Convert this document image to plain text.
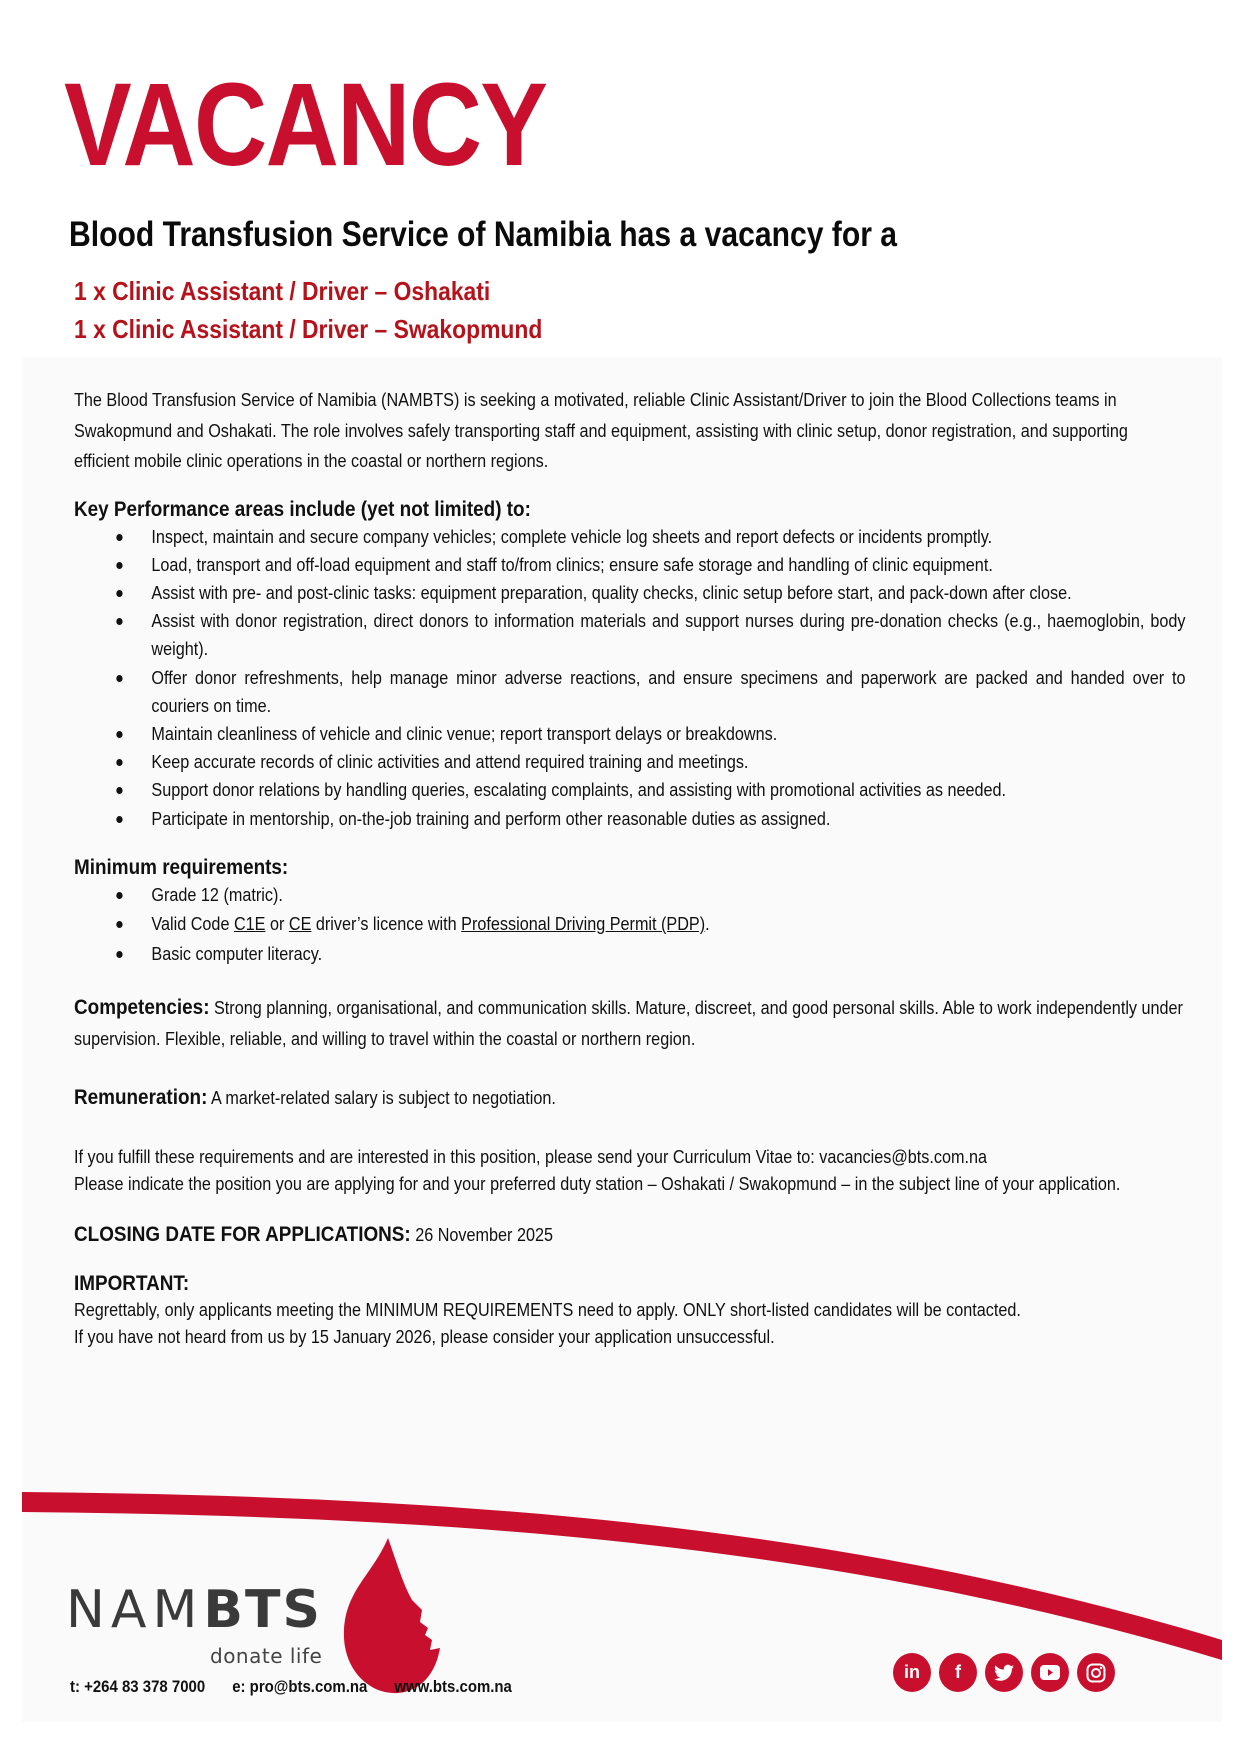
VACANCY
Blood Transfusion Service of Namibia has a vacancy for a
1 x Clinic Assistant / Driver – Oshakati
1 x Clinic Assistant / Driver – Swakopmund

The Blood Transfusion Service of Namibia (NAMBTS) is seeking a motivated, reliable Clinic Assistant/Driver to join the Blood Collections teams in Swakopmund and Oshakati. The role involves safely transporting staff and equipment, assisting with clinic setup, donor registration, and supporting efficient mobile clinic operations in the coastal or northern regions.

Key Performance areas include (yet not limited) to:
Inspect, maintain and secure company vehicles; complete vehicle log sheets and report defects or incidents promptly.
Load, transport and off-load equipment and staff to/from clinics; ensure safe storage and handling of clinic equipment.
Assist with pre- and post-clinic tasks: equipment preparation, quality checks, clinic setup before start, and pack-down after close.
Assist with donor registration, direct donors to information materials and support nurses during pre-donation checks (e.g., haemoglobin, body weight).
Offer donor refreshments, help manage minor adverse reactions, and ensure specimens and paperwork are packed and handed over to couriers on time.
Maintain cleanliness of vehicle and clinic venue; report transport delays or breakdowns.
Keep accurate records of clinic activities and attend required training and meetings.
Support donor relations by handling queries, escalating complaints, and assisting with promotional activities as needed.
Participate in mentorship, on-the-job training and perform other reasonable duties as assigned.
Minimum requirements:
Grade 12 (matric).
Valid Code C1E or CE driver’s licence with Professional Driving Permit (PDP).
Basic computer literacy.

Competencies: Strong planning, organisational, and communication skills. Mature, discreet, and good personal skills. Able to work independently under supervision. Flexible, reliable, and willing to travel within the coastal or northern region.

Remuneration: A market-related salary is subject to negotiation.

If you fulfill these requirements and are interested in this position, please send your Curriculum Vitae to: vacancies@bts.com.na
Please indicate the position you are applying for and your preferred duty station – Oshakati / Swakopmund – in the subject line of your application.

CLOSING DATE FOR APPLICATIONS: 26 November 2025

IMPORTANT:

Regrettably, only applicants meeting the MINIMUM REQUIREMENTS need to apply. ONLY short-listed candidates will be contacted.
If you have not heard from us by 15 January 2026, please consider your application unsuccessful.

NAMBTS
donate life
t: +264 83 378 7000 e: pro@bts.com.na www.bts.com.na
in	f
